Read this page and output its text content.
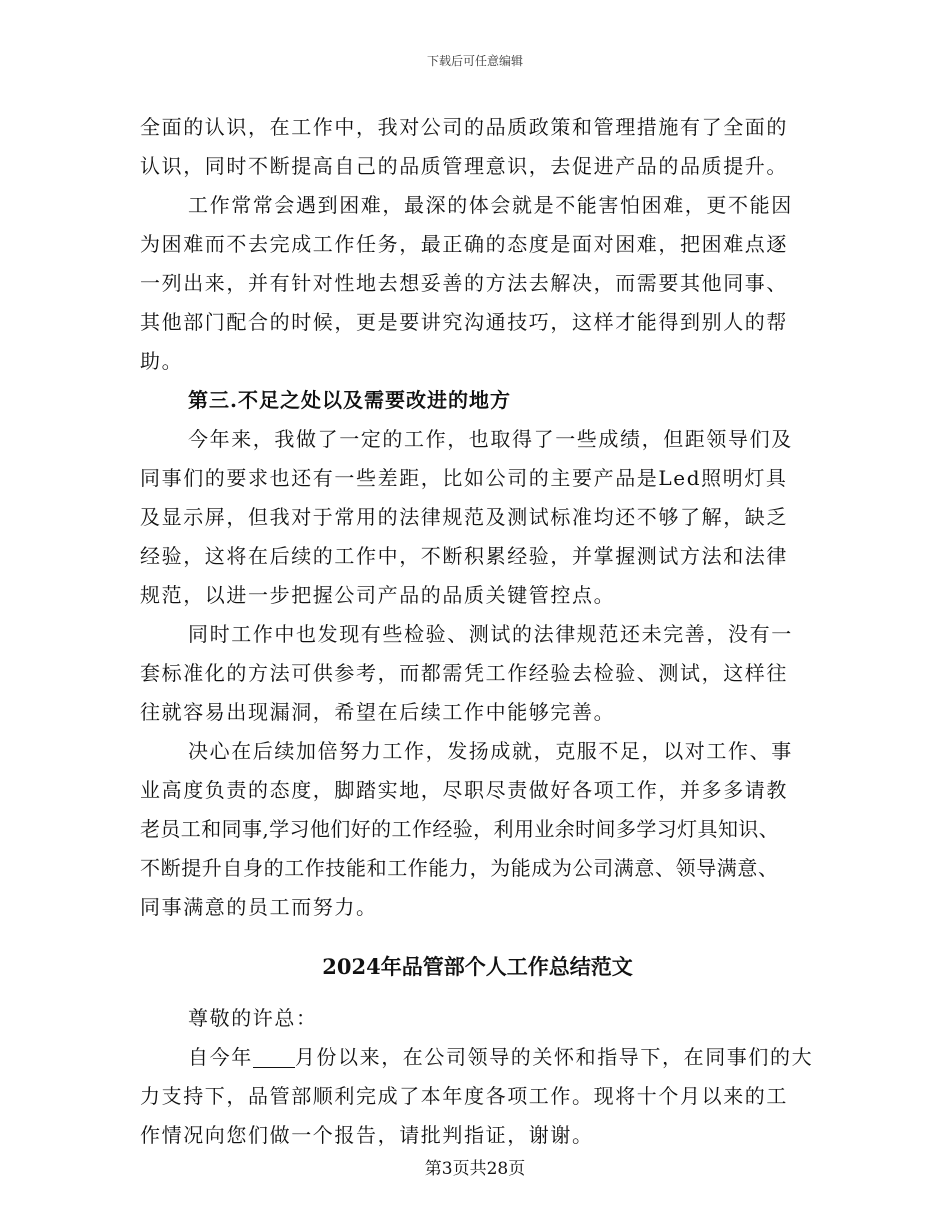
下载后可任意编辑
全面的认识，在工作中，我对公司的品质政策和管理措施有了全面的
认识，同时不断提高自己的品质管理意识，去促进产品的品质提升。
工作常常会遇到困难，最深的体会就是不能害怕困难，更不能因
为困难而不去完成工作任务，最正确的态度是面对困难，把困难点逐
一列出来，并有针对性地去想妥善的方法去解决，而需要其他同事、
其他部门配合的时候，更是要讲究沟通技巧，这样才能得到别人的帮
助。
第三.不足之处以及需要改进的地方
今年来，我做了一定的工作，也取得了一些成绩，但距领导们及
同事们的要求也还有一些差距，比如公司的主要产品是Led照明灯具
及显示屏，但我对于常用的法律规范及测试标准均还不够了解，缺乏
经验，这将在后续的工作中，不断积累经验，并掌握测试方法和法律
规范，以进一步把握公司产品的品质关键管控点。
同时工作中也发现有些检验、测试的法律规范还未完善，没有一
套标准化的方法可供参考，而都需凭工作经验去检验、测试，这样往
往就容易出现漏洞，希望在后续工作中能够完善。
决心在后续加倍努力工作，发扬成就，克服不足，以对工作、事
业高度负责的态度，脚踏实地，尽职尽责做好各项工作，并多多请教
老员工和同事,学习他们好的工作经验，利用业余时间多学习灯具知识、
不断提升自身的工作技能和工作能力，为能成为公司满意、领导满意、
同事满意的员工而努力。
2024年品管部个人工作总结范文
尊敬的许总：
自今年 月份以来，在公司领导的关怀和指导下，在同事们的大
力支持下，品管部顺利完成了本年度各项工作。现将十个月以来的工
作情况向您们做一个报告，请批判指证，谢谢。
第3页共28页
